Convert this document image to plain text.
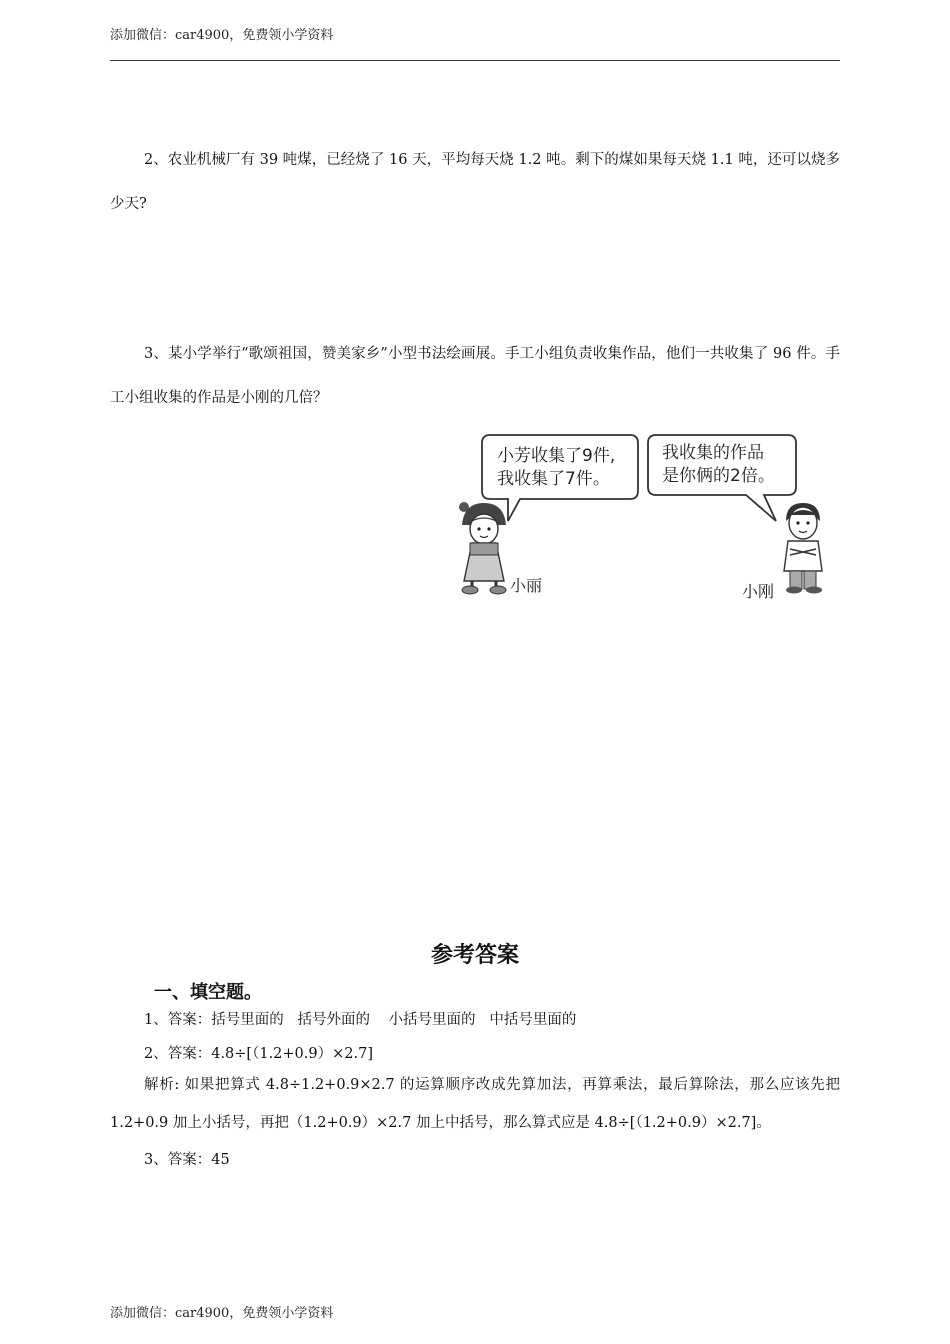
添加微信：car4900，免费领小学资料
2、农业机械厂有 39 吨煤，已经烧了 16 天，平均每天烧 1.2 吨。剩下的煤如果每天烧 1.1 吨，还可以烧多少天?
3、某小学举行“歌颂祖国，赞美家乡”小型书法绘画展。手工小组负责收集作品，他们一共收集了 96 件。手工小组收集的作品是小刚的几倍？
小芳收集了9件,
我收集了7件。
我收集的作品
是你俩的2倍。
小丽	小刚
参考答案
一、填空题。
1、答案：括号里面的   括号外面的    小括号里面的   中括号里面的
2、答案：4.8÷[（1.2+0.9）×2.7]
解析: 如果把算式 4.8÷1.2+0.9×2.7 的运算顺序改成先算加法，再算乘法，最后算除法，那么应该先把 1.2+0.9 加上小括号，再把（1.2+0.9）×2.7 加上中括号，那么算式应是 4.8÷[（1.2+0.9）×2.7]。
3、答案：45
添加微信：car4900，免费领小学资料
